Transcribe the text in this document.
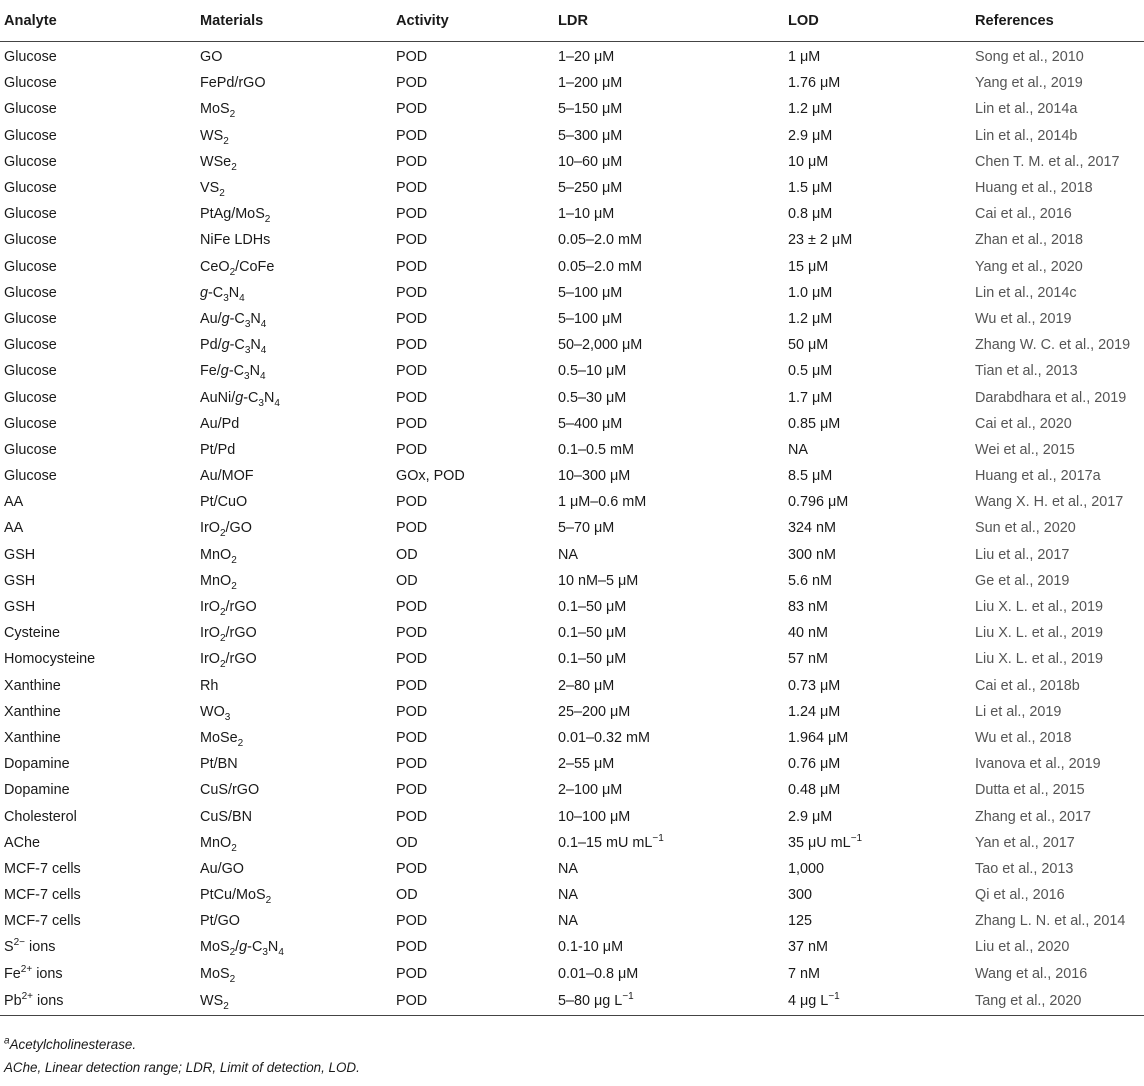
Analyte	Materials	Activity	LDR	LOD	References
Glucose	GO	POD	1–20 μM	1 μM	Song et al., 2010
Glucose	FePd/rGO	POD	1–200 μM	1.76 μM	Yang et al., 2019
Glucose	MoS$_2$	POD	5–150 μM	1.2 μM	Lin et al., 2014a
Glucose	$WS_2$	POD	5–300 μM	2.9 μM	Lin et al., 2014b
Glucose	WSe$_2$	POD	10–60 μM	10 μM	Chen T. M. et al., 2017
Glucose	$VS_2$	POD	5–250 μM	1.5 μM	Huang et al., 2018
Glucose	PtAg/MoS$_2$	POD	1–10 μM	0.8 μM	Cai et al., 2016
Glucose	NiFe LDHs	POD	0.05–2.0 mM	23 ± 2 μM	Zhan et al., 2018
Glucose	CeO$_2$/CoFe	POD	0.05–2.0 mM	15 μM	Yang et al., 2020
Glucose	$g-C_3N_4$	POD	5–100 μM	1.0 μM	Lin et al., 2014c
Glucose	$Au/g-C_3N_4$	POD	5–100 μM	1.2 μM	Wu et al., 2019
Glucose	$Pd/g-C_3N_4$	POD	50–2,000 μM	50 μM	Zhang W. C. et al., 2019
Glucose	$Fe/g-C_3N_4$	POD	0.5–10 μM	0.5 μM	Tian et al., 2013
Glucose	AuNi/$g-C_3N_4$	POD	0.5–30 μM	1.7 μM	Darabdhara et al., 2019
Glucose	Au/Pd	POD	5–400 μM	0.85 μM	Cai et al., 2020
Glucose	Pt/Pd	POD	0.1–0.5 mM	NA	Wei et al., 2015
Glucose	Au/MOF	GOx, POD	10–300 μM	8.5 μM	Huang et al., 2017a
AA	Pt/CuO	POD	1 μM–0.6 mM	0.796 μM	Wang X. H. et al., 2017
AA	IrO$_2$/GO	POD	5–70 μM	324 nM	Sun et al., 2020
GSH	MnO$_2$	OD	NA	300 nM	Liu et al., 2017
GSH	MnO$_2$	OD	10 nM–5 μM	5.6 nM	Ge et al., 2019
GSH	IrO$_2$/rGO	POD	0.1–50 μM	83 nM	Liu X. L. et al., 2019
Cysteine	IrO$_2$/rGO	POD	0.1–50 μM	40 nM	Liu X. L. et al., 2019
Homocysteine	IrO$_2$/rGO	POD	0.1–50 μM	57 nM	Liu X. L. et al., 2019
Xanthine	Rh	POD	2–80 μM	0.73 μM	Cai et al., 2018b
Xanthine	$WO_3$	POD	25–200 μM	1.24 μM	Li et al., 2019
Xanthine	MoSe$_2$	POD	0.01–0.32 mM	1.964 μM	Wu et al., 2018
Dopamine	Pt/BN	POD	2–55 μM	0.76 μM	Ivanova et al., 2019
Dopamine	CuS/rGO	POD	2–100 μM	0.48 μM	Dutta et al., 2015
Cholesterol	CuS/BN	POD	10–100 μM	2.9 μM	Zhang et al., 2017
AChe	MnO$_2$	OD	0.1–15 mU $mL^{-1}$	35 μU $mL^{-1}$	Yan et al., 2017
MCF-7 cells	Au/GO	POD	NA	1,000	Tao et al., 2013
MCF-7 cells	PtCu/MoS$_2$	OD	NA	300	Qi et al., 2016
MCF-7 cells	Pt/GO	POD	NA	125	Zhang L. N. et al., 2014
$S^{2-}$ ions	$MoS_2/g-C_3N_4$	POD	0.1-10 μM	37 nM	Liu et al., 2020
$Fe^{2+}$ ions	MoS$_2$	POD	0.01–0.8 μM	7 nM	Wang et al., 2016
$Pb^{2+}$ ions	$WS_2$	POD	5–80 μg $L^{-1}$	4 μg $L^{-1}$	Tang et al., 2020
$^a$Acetylcholinesterase.
AChe, Linear detection range; LDR, Limit of detection, LOD.
